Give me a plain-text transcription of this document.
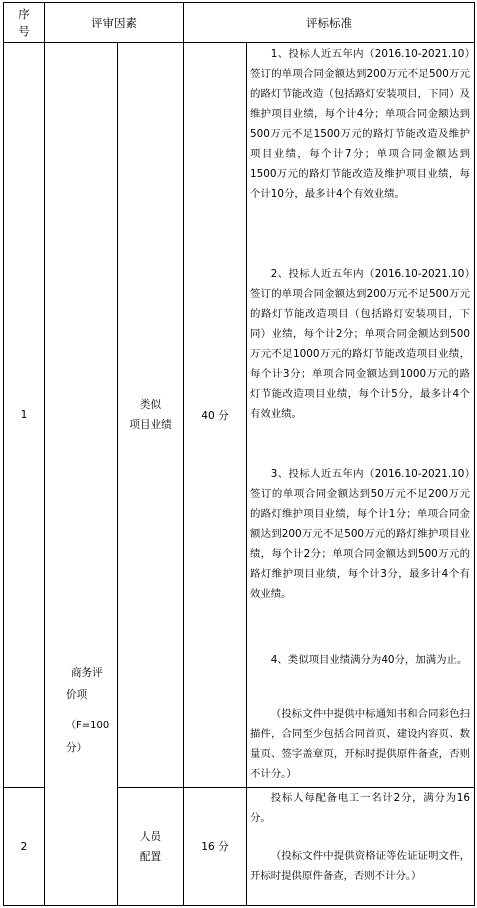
序
号
评审因素	评标标准
1
商务评
价项
（F=100
分）
类似
项目业绩
40 分

1、投标人近五年内（2016.10-2021.10）签订的单项合同金额达到200万元不足500万元的路灯节能改造（包括路灯安装项目，下同）及维护项目业绩，每个计4分；单项合同金额达到500万元不足1500万元的路灯节能改造及维护项目业绩，每个计7分；单项合同金额达到1500万元的路灯节能改造及维护项目业绩，每个计10分，最多计4个有效业绩。

2、投标人近五年内（2016.10-2021.10）签订的单项合同金额达到200万元不足500万元的路灯节能改造项目（包括路灯安装项目，下同）业绩，每个计2分；单项合同金额达到500万元不足1000万元的路灯节能改造项目业绩，每个计3分；单项合同金额达到1000万元的路灯节能改造项目业绩，每个计5分，最多计4个有效业绩。

3、投标人近五年内（2016.10-2021.10）签订的单项合同金额达到50万元不足200万元的路灯维护项目业绩，每个计1分；单项合同金额达到200万元不足500万元的路灯维护项目业绩，每个计2分；单项合同金额达到500万元的路灯维护项目业绩，每个计3分，最多计4个有效业绩。

4、类似项目业绩满分为40分，加满为止。

（投标文件中提供中标通知书和合同彩色扫描件，合同至少包括合同首页、建设内容页、数量页、签字盖章页，开标时提供原件备查，否则不计分。）

2
人员
配置
16 分

投标人每配备电工一名计2分，满分为16分。

（投标文件中提供资格证等佐证证明文件，开标时提供原件备查，否则不计分。）
